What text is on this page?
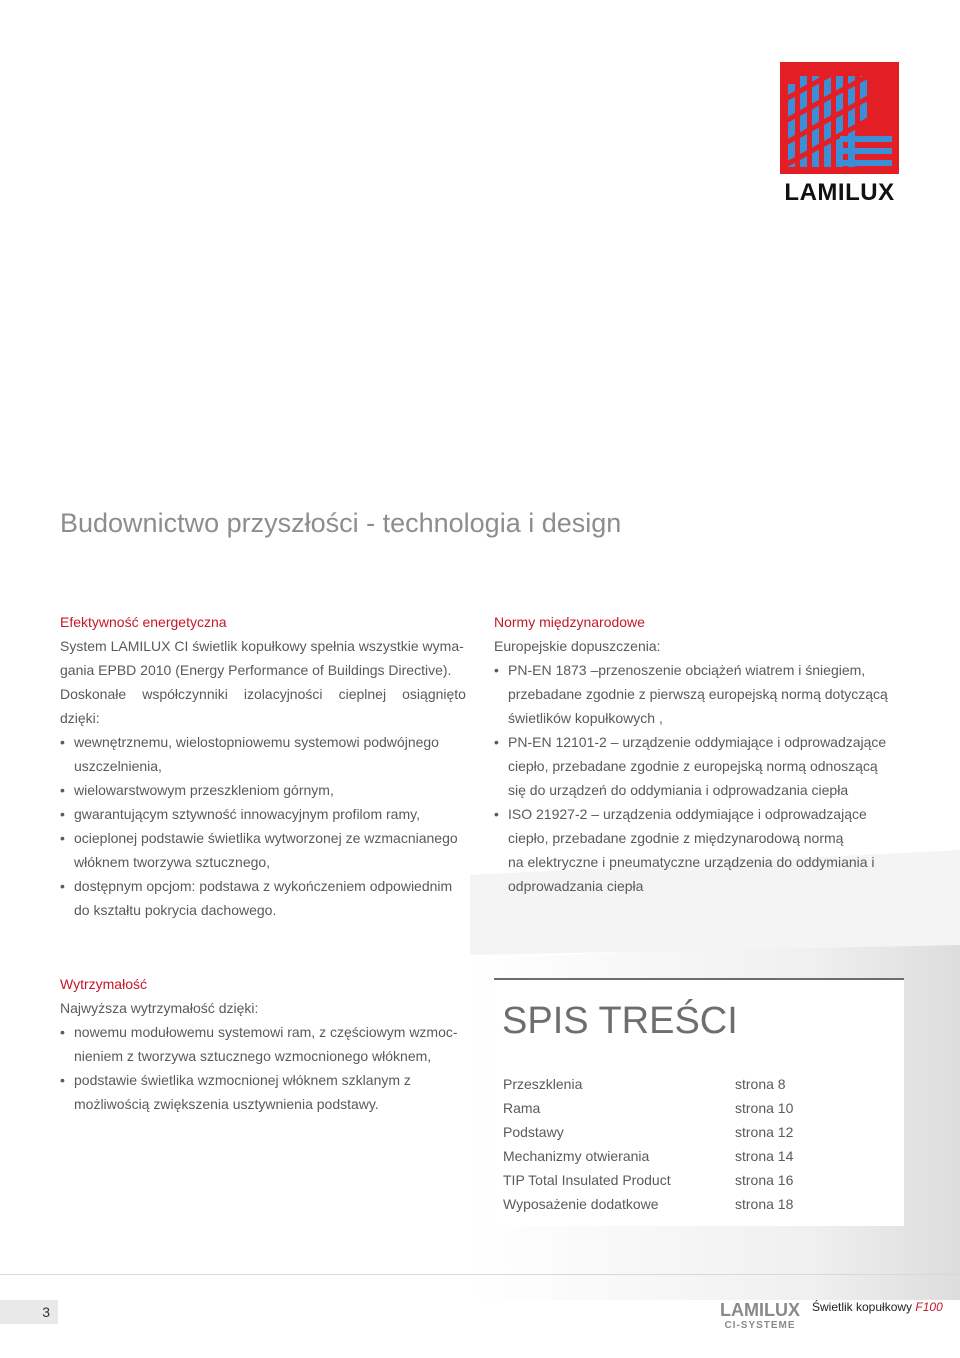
LAMILUX
Budownictwo przyszłości - technologia i design
Efektywność energetyczna
System LAMILUX CI świetlik kopułkowy spełnia wszystkie wyma-
gania EPBD 2010 (Energy Performance of Buildings Directive).
Doskonałe współczynniki izolacyjności cieplnej osiągnięto
dzięki:
• wewnętrznemu, wielostopniowemu systemowi podwójnego
uszczelnienia,
• wielowarstwowym przeszkleniom górnym,
• gwarantującym sztywność innowacyjnym profilom ramy,
• ocieplonej podstawie świetlika wytworzonej ze wzmacnianego
włóknem tworzywa sztucznego,
• dostępnym opcjom: podstawa z wykończeniem odpowiednim
do kształtu pokrycia dachowego.
Normy międzynarodowe
Europejskie dopuszczenia:
• PN-EN 1873 –przenoszenie obciążeń wiatrem i śniegiem,
przebadane zgodnie z pierwszą europejską normą dotyczącą
świetlików kopułkowych ,
• PN-EN 12101-2 – urządzenie oddymiające i odprowadzające
ciepło, przebadane zgodnie z europejską normą odnoszącą
się do urządzeń do oddymiania i odprowadzania ciepła
• ISO 21927-2 – urządzenia oddymiające i odprowadzające
ciepło, przebadane zgodnie z międzynarodową normą
na elektryczne i pneumatyczne urządzenia do oddymiania i
odprowadzania ciepła
Wytrzymałość
Najwyższa wytrzymałość dzięki:
• nowemu modułowemu systemowi ram, z częściowym wzmoc-
nieniem z tworzywa sztucznego wzmocnionego włóknem,
• podstawie świetlika wzmocnionej włóknem szklanym z
możliwością zwiększenia usztywnienia podstawy.
SPIS TREŚCI
Przeszklenia	strona 8
Rama	strona 10
Podstawy	strona 12
Mechanizmy otwierania	strona 14
TIP Total Insulated Product	strona 16
Wyposażenie dodatkowe	strona 18
3	LAMILUX
CI-SYSTEME
Świetlik kopułkowy F100
